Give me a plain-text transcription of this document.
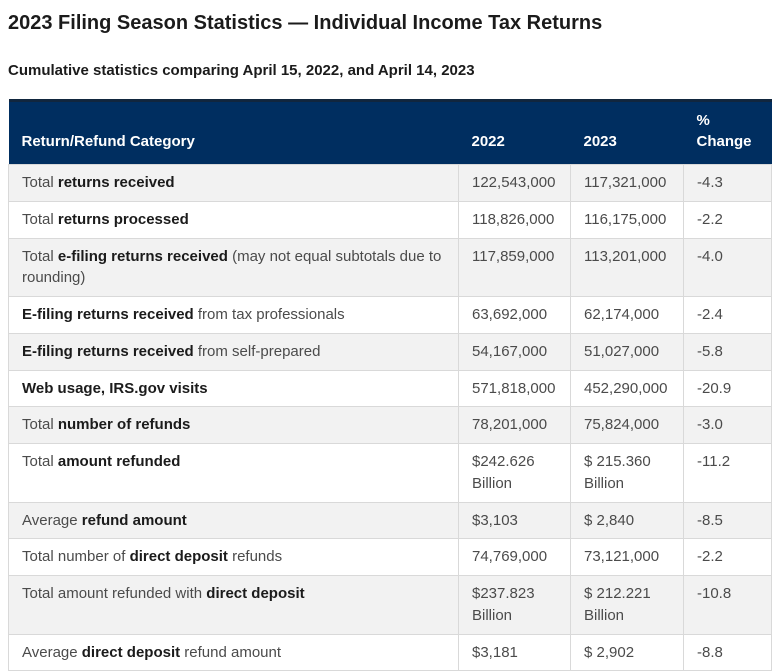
2023 Filing Season Statistics — Individual Income Tax Returns
Cumulative statistics comparing April 15, 2022, and April 14, 2023
Return/Refund Category	2022	2023	% Change
Total returns received	122,543,000	117,321,000	-4.3
Total returns processed	118,826,000	116,175,000	-2.2
Total e-filing returns received (may not equal subtotals due to rounding)	117,859,000	113,201,000	-4.0
E-filing returns received from tax professionals	63,692,000	62,174,000	-2.4
E-filing returns received from self-prepared	54,167,000	51,027,000	-5.8
Web usage, IRS.gov visits	571,818,000	452,290,000	-20.9
Total number of refunds	78,201,000	75,824,000	-3.0
Total amount refunded	$242.626 Billion	$ 215.360 Billion	-11.2
Average refund amount	$3,103	$ 2,840	-8.5
Total number of direct deposit refunds	74,769,000	73,121,000	-2.2
Total amount refunded with direct deposit	$237.823 Billion	$ 212.221 Billion	-10.8
Average direct deposit refund amount	$3,181	$ 2,902	-8.8
